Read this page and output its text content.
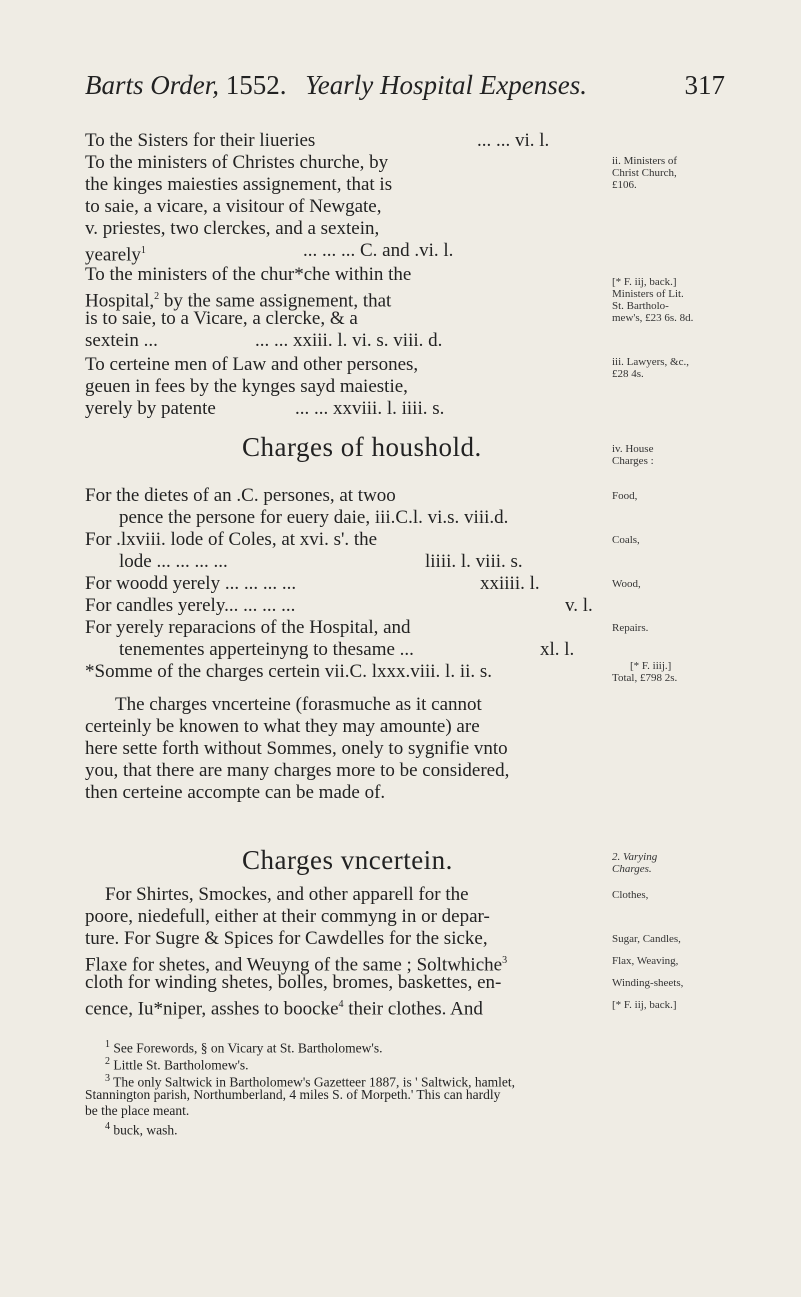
Barts Order, 1552. Yearly Hospital Expenses.	317
To the Sisters for their liueries	... ... vi. l.
To the ministers of Christes churche, by
the kinges maiesties assignement, that is
to saie, a vicare, a visitour of Newgate,
v. priestes, two clerckes, and a sextein,
yearely$^1$	... ... ... C. and .vi. l.
To the ministers of the chur*che within the
Hospital,$^2$ by the same assignement, that
is to saie, to a Vicare, a clercke, & a
sextein ...	... ... xxiii. l. vi. s. viii. d.
To certeine men of Law and other persones,
geuen in fees by the kynges sayd maiestie,
yerely by patente	... ... xxviii. l. iiii. s.
ii. Ministers of
Christ Church,
£106.
[* F. iij, back.]
Ministers of Lit.
St. Bartholo-
mew's, £23 6s. 8d.
iii. Lawyers, &c.,
£28 4s.
Charges of houshold.	iv. House
Charges :
For the dietes of an .C. persones, at twoo
pence the persone for euery daie, iii.C.l. vi.s. viii.d.
For .lxviii. lode of Coles, at xvi. s'. the
lode ... ... ... ...	liiii. l. viii. s.
For woodd yerely ... ... ... ...	xxiiii. l.
For candles yerely... ... ... ...	v. l.
For yerely reparacions of the Hospital, and
tenementes apperteinyng to thesame ...	xl. l.
*Somme of the charges certein vii.C. lxxx.viii. l. ii. s.
Food,
Coals,
Wood,
Repairs.
[* F. iiij.]
Total, £798 2s.
The charges vncerteine (forasmuche as it cannot
certeinly be knowen to what they may amounte) are
here sette forth without Sommes, onely to sygnifie vnto
you, that there are many charges more to be considered,
then certeine accompte can be made of.
Charges vncertein.	2. Varying
Charges.
For Shirtes, Smockes, and other apparell for the
poore, niedefull, either at their commyng in or depar-
ture. For Sugre & Spices for Cawdelles for the sicke,
Flaxe for shetes, and Weuyng of the same ; Soltwhiche$^3$
cloth for winding shetes, bolles, bromes, baskettes, en-
cence, Iu*niper, asshes to boocke$^4$ their clothes. And
Clothes,
Sugar, Candles,
Flax, Weaving,
Winding-sheets,
[* F. iij, back.]
$^1$ See Forewords, § on Vicary at St. Bartholomew's.
$^2$ Little St. Bartholomew's.
$^3$ The only Saltwick in Bartholomew's Gazetteer 1887, is ' Saltwick, hamlet,
Stannington parish, Northumberland, 4 miles S. of Morpeth.' This can hardly
be the place meant.
$^4$ buck, wash.
